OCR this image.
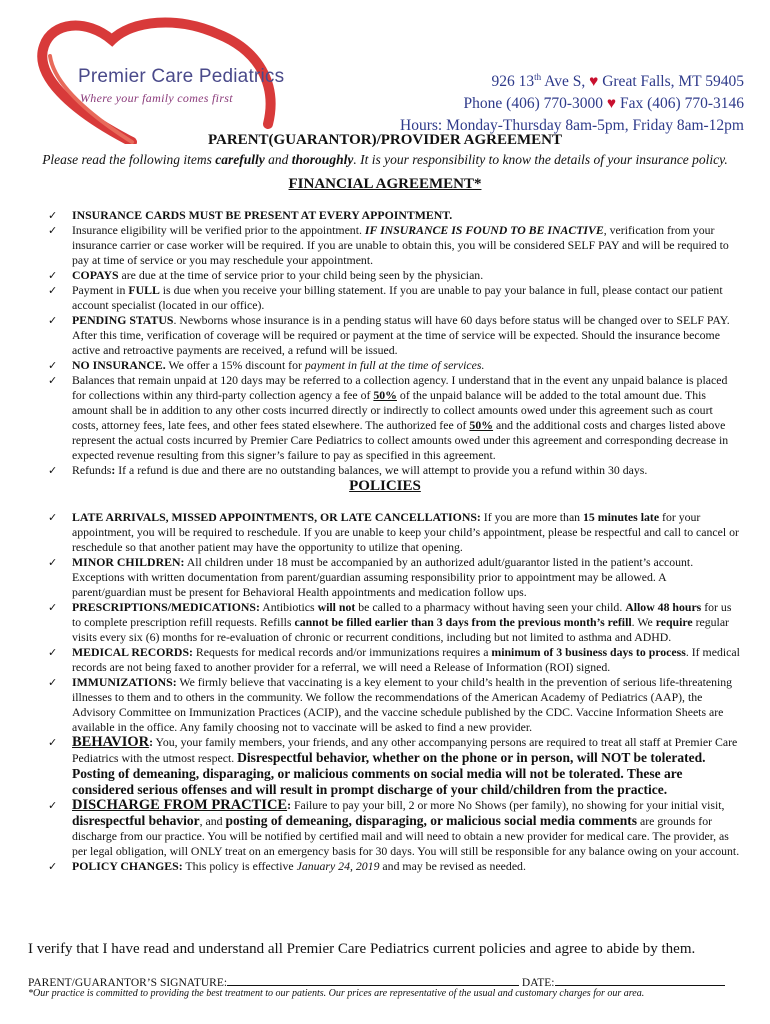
Premier Care Pediatrics
Where your family comes first
926 13th Ave S, ♥ Great Falls, MT 59405
Phone (406) 770-3000 ♥ Fax (406) 770-3146
Hours: Monday-Thursday 8am-5pm, Friday 8am-12pm
PARENT(GUARANTOR)/PROVIDER AGREEMENT
Please read the following items carefully and thoroughly. It is your responsibility to know the details of your insurance policy.
FINANCIAL AGREEMENT*
✓ INSURANCE CARDS MUST BE PRESENT AT EVERY APPOINTMENT.
✓ Insurance eligibility will be verified prior to the appointment. IF INSURANCE IS FOUND TO BE INACTIVE, verification from your insurance carrier or case worker will be required. If you are unable to obtain this, you will be considered SELF PAY and will be required to pay at time of service or you may reschedule your appointment.
✓ COPAYS are due at the time of service prior to your child being seen by the physician.
✓ Payment in FULL is due when you receive your billing statement. If you are unable to pay your balance in full, please contact our patient account specialist (located in our office).
✓ PENDING STATUS. Newborns whose insurance is in a pending status will have 60 days before status will be changed over to SELF PAY. After this time, verification of coverage will be required or payment at the time of service will be expected. Should the insurance become active and retroactive payments are received, a refund will be issued.
✓ NO INSURANCE. We offer a 15% discount for payment in full at the time of services.
✓ Balances that remain unpaid at 120 days may be referred to a collection agency. I understand that in the event any unpaid balance is placed for collections within any third-party collection agency a fee of 50% of the unpaid balance will be added to the total amount due. This amount shall be in addition to any other costs incurred directly or indirectly to collect amounts owed under this agreement such as court costs, attorney fees, late fees, and other fees stated elsewhere. The authorized fee of 50% and the additional costs and charges listed above represent the actual costs incurred by Premier Care Pediatrics to collect amounts owed under this agreement and corresponding decrease in expected revenue resulting from this signer’s failure to pay as specified in this agreement.
✓ Refunds: If a refund is due and there are no outstanding balances, we will attempt to provide you a refund within 30 days.
POLICIES
✓ LATE ARRIVALS, MISSED APPOINTMENTS, OR LATE CANCELLATIONS: If you are more than 15 minutes late for your appointment, you will be required to reschedule. If you are unable to keep your child’s appointment, please be respectful and call to cancel or reschedule so that another patient may have the opportunity to utilize that opening.
✓ MINOR CHILDREN: All children under 18 must be accompanied by an authorized adult/guarantor listed in the patient’s account. Exceptions with written documentation from parent/guardian assuming responsibility prior to appointment may be allowed. A parent/guardian must be present for Behavioral Health appointments and medication follow ups.
✓ PRESCRIPTIONS/MEDICATIONS: Antibiotics will not be called to a pharmacy without having seen your child. Allow 48 hours for us to complete prescription refill requests. Refills cannot be filled earlier than 3 days from the previous month’s refill. We require regular visits every six (6) months for re-evaluation of chronic or recurrent conditions, including but not limited to asthma and ADHD.
✓ MEDICAL RECORDS: Requests for medical records and/or immunizations requires a minimum of 3 business days to process. If medical records are not being faxed to another provider for a referral, we will need a Release of Information (ROI) signed.
✓ IMMUNIZATIONS: We firmly believe that vaccinating is a key element to your child’s health in the prevention of serious life-threatening illnesses to them and to others in the community. We follow the recommendations of the American Academy of Pediatrics (AAP), the Advisory Committee on Immunization Practices (ACIP), and the vaccine schedule published by the CDC. Vaccine Information Sheets are available in the office. Any family choosing not to vaccinate will be asked to find a new provider.
✓ BEHAVIOR: You, your family members, your friends, and any other accompanying persons are required to treat all staff at Premier Care Pediatrics with the utmost respect. Disrespectful behavior, whether on the phone or in person, will NOT be tolerated. Posting of demeaning, disparaging, or malicious comments on social media will not be tolerated. These are considered serious offenses and will result in prompt discharge of your child/children from the practice.
✓ DISCHARGE FROM PRACTICE: Failure to pay your bill, 2 or more No Shows (per family), no showing for your initial visit, disrespectful behavior, and posting of demeaning, disparaging, or malicious social media comments are grounds for discharge from our practice. You will be notified by certified mail and will need to obtain a new provider for medical care. The provider, as per legal obligation, will ONLY treat on an emergency basis for 30 days. You will still be responsible for any balance owing on your account.
✓ POLICY CHANGES: This policy is effective January 24, 2019 and may be revised as needed.
I verify that I have read and understand all Premier Care Pediatrics current policies and agree to abide by them.
PARENT/GUARANTOR’S SIGNATURE:	DATE:
*Our practice is committed to providing the best treatment to our patients. Our prices are representative of the usual and customary charges for our area.
